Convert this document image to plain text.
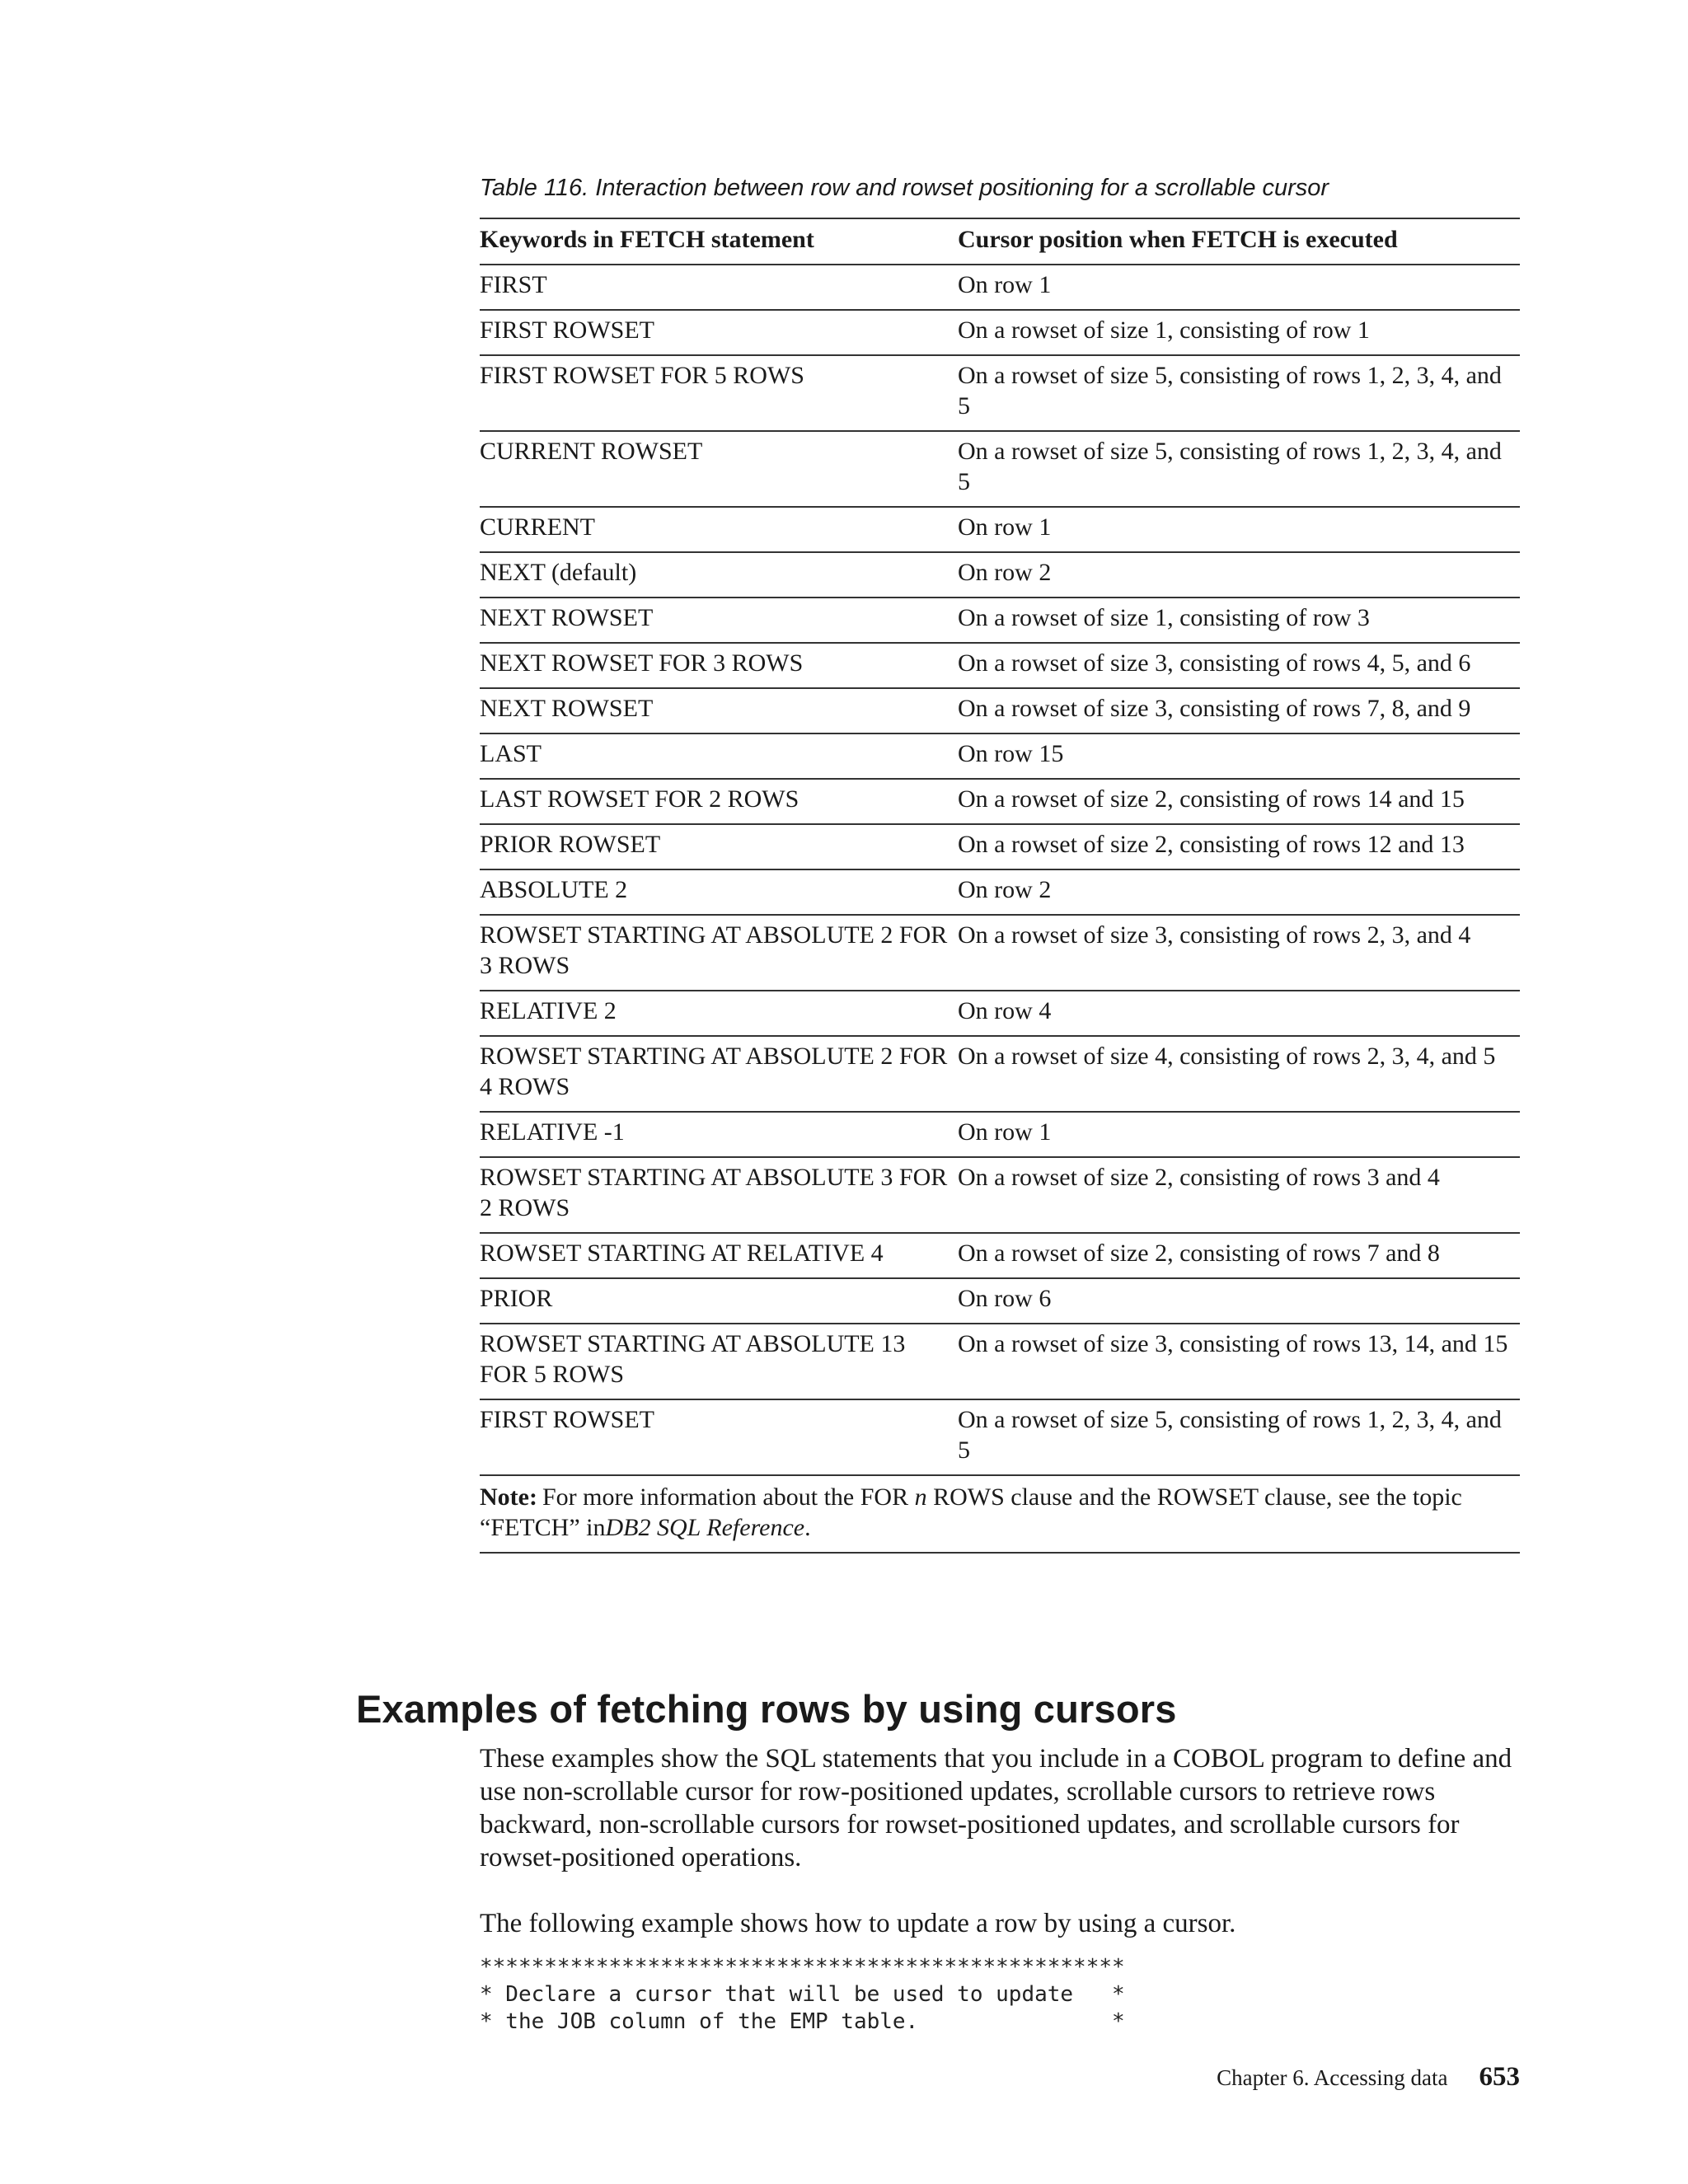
Table 116. Interaction between row and rowset positioning for a scrollable cursor
Keywords in FETCH statement	Cursor position when FETCH is executed
FIRST	On row 1
FIRST ROWSET	On a rowset of size 1, consisting of row 1
FIRST ROWSET FOR 5 ROWS	On a rowset of size 5, consisting of rows 1, 2, 3, 4, and 5
CURRENT ROWSET	On a rowset of size 5, consisting of rows 1, 2, 3, 4, and 5
CURRENT	On row 1
NEXT (default)	On row 2
NEXT ROWSET	On a rowset of size 1, consisting of row 3
NEXT ROWSET FOR 3 ROWS	On a rowset of size 3, consisting of rows 4, 5, and 6
NEXT ROWSET	On a rowset of size 3, consisting of rows 7, 8, and 9
LAST	On row 15
LAST ROWSET FOR 2 ROWS	On a rowset of size 2, consisting of rows 14 and 15
PRIOR ROWSET	On a rowset of size 2, consisting of rows 12 and 13
ABSOLUTE 2	On row 2
ROWSET STARTING AT ABSOLUTE 2 FOR 3 ROWS	On a rowset of size 3, consisting of rows 2, 3, and 4
RELATIVE 2	On row 4
ROWSET STARTING AT ABSOLUTE 2 FOR 4 ROWS	On a rowset of size 4, consisting of rows 2, 3, 4, and 5
RELATIVE -1	On row 1
ROWSET STARTING AT ABSOLUTE 3 FOR 2 ROWS	On a rowset of size 2, consisting of rows 3 and 4
ROWSET STARTING AT RELATIVE 4	On a rowset of size 2, consisting of rows 7 and 8
PRIOR	On row 6
ROWSET STARTING AT ABSOLUTE 13 FOR 5 ROWS	On a rowset of size 3, consisting of rows 13, 14, and 15
FIRST ROWSET	On a rowset of size 5, consisting of rows 1, 2, 3, 4, and 5
Note: For more information about the FOR n ROWS clause and the ROWSET clause, see the topic “FETCH” inDB2 SQL Reference.	
Examples of fetching rows by using cursors
These examples show the SQL statements that you include in a COBOL program to define and use non-scrollable cursor for row-positioned updates, scrollable cursors to retrieve rows backward, non-scrollable cursors for rowset-positioned updates, and scrollable cursors for rowset-positioned operations.
The following example shows how to update a row by using a cursor.
**************************************************
* Declare a cursor that will be used to update   *
* the JOB column of the EMP table.               *
Chapter 6. Accessing data 653
